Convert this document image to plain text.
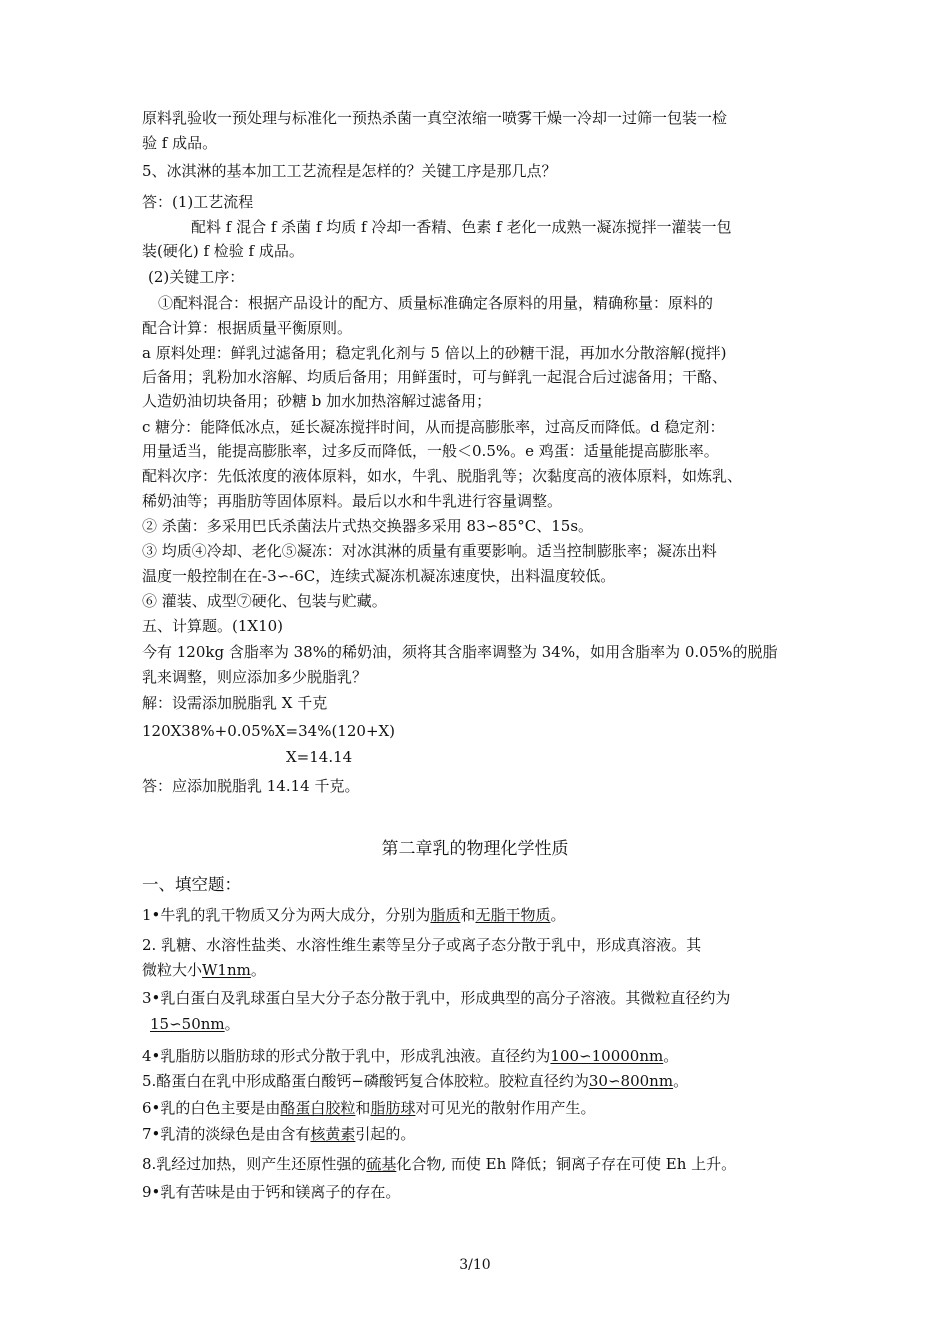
原料乳验收一预处理与标准化一预热杀菌一真空浓缩一喷雾干燥一冷却一过筛一包装一检
验 f 成品。
5、冰淇淋的基本加工工艺流程是怎样的？关键工序是那几点？
答：(1)工艺流程
配料 f 混合 f 杀菌 f 均质 f 冷却一香精、色素 f 老化一成熟一凝冻搅拌一灌装一包
装(硬化) f 检验 f 成品。
(2)关键工序：
①配料混合：根据产品设计的配方、质量标准确定各原料的用量，精确称量：原料的
配合计算：根据质量平衡原则。
a 原料处理：鲜乳过滤备用；稳定乳化剂与 5 倍以上的砂糖干混，再加水分散溶解(搅拌)
后备用；乳粉加水溶解、均质后备用；用鲜蛋时，可与鲜乳一起混合后过滤备用；干酪、
人造奶油切块备用；砂糖 b 加水加热溶解过滤备用；
c 糖分：能降低冰点，延长凝冻搅拌时间，从而提高膨胀率，过高反而降低。d 稳定剂：
用量适当，能提高膨胀率，过多反而降低，一般＜0.5%。e 鸡蛋：适量能提高膨胀率。
配料次序：先低浓度的液体原料，如水，牛乳、脱脂乳等；次黏度高的液体原料，如炼乳、
稀奶油等；再脂肪等固体原料。最后以水和牛乳进行容量调整。
② 杀菌：多采用巴氏杀菌法片式热交换器多采用 83∽85°C、15s。
③ 均质④冷却、老化⑤凝冻：对冰淇淋的质量有重要影响。适当控制膨胀率；凝冻出料
温度一般控制在在-3∽-6C，连续式凝冻机凝冻速度快，出料温度较低。
⑥ 灌装、成型⑦硬化、包装与贮藏。
五、计算题。(1X10)
今有 120kg 含脂率为 38%的稀奶油，须将其含脂率调整为 34%，如用含脂率为 0.05%的脱脂
乳来调整，则应添加多少脱脂乳？
解：设需添加脱脂乳 X 千克
120X38%+0.05%X=34%(120+X)
X=14.14
答：应添加脱脂乳 14.14 千克。
第二章乳的物理化学性质
一、填空题：
1•牛乳的乳干物质又分为两大成分，分别为脂质和无脂干物质。
2. 乳糖、水溶性盐类、水溶性维生素等呈分子或离子态分散于乳中，形成真溶液。其
微粒大小W1nm。
3•乳白蛋白及乳球蛋白呈大分子态分散于乳中，形成典型的高分子溶液。其微粒直径约为
15∽50nm。
4•乳脂肪以脂肪球的形式分散于乳中，形成乳浊液。直径约为100∽10000nm。
5.酪蛋白在乳中形成酪蛋白酸钙−磷酸钙复合体胶粒。胶粒直径约为30∽800nm。
6•乳的白色主要是由酪蛋白胶粒和脂肪球对可见光的散射作用产生。
7•乳清的淡绿色是由含有核黄素引起的。
8.乳经过加热，则产生还原性强的硫基化合物, 而使 Eh 降低；铜离子存在可使 Eh 上升。
9•乳有苦味是由于钙和镁离子的存在。
3/10
